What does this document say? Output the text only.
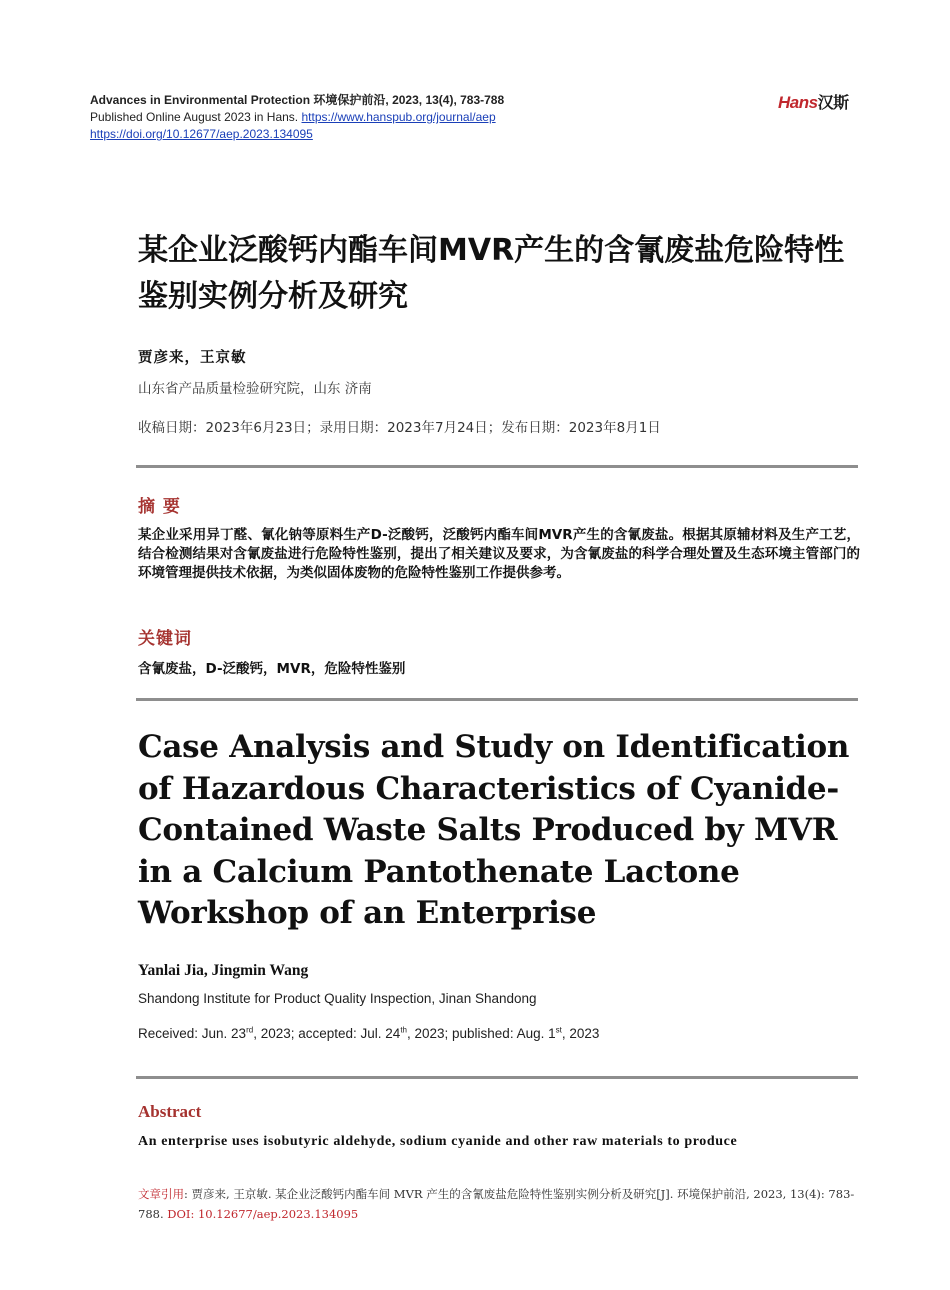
Advances in Environmental Protection 环境保护前沿, 2023, 13(4), 783-788
Published Online August 2023 in Hans. https://www.hanspub.org/journal/aep
https://doi.org/10.12677/aep.2023.134095
Hans汉斯
某企业泛酸钙内酯车间MVR产生的含氰废盐危险特性鉴别实例分析及研究
贾彦来，王京敏
山东省产品质量检验研究院，山东 济南
收稿日期：2023年6月23日；录用日期：2023年7月24日；发布日期：2023年8月1日
摘 要
某企业采用异丁醛、氰化钠等原料生产D-泛酸钙，泛酸钙内酯车间MVR产生的含氰废盐。根据其原辅材料及生产工艺，结合检测结果对含氰废盐进行危险特性鉴别，提出了相关建议及要求，为含氰废盐的科学合理处置及生态环境主管部门的环境管理提供技术依据，为类似固体废物的危险特性鉴别工作提供参考。
关键词
含氰废盐，D-泛酸钙，MVR，危险特性鉴别
Case Analysis and Study on Identification of Hazardous Characteristics of Cyanide-Contained Waste Salts Produced by MVR in a Calcium Pantothenate Lactone Workshop of an Enterprise
Yanlai Jia, Jingmin Wang
Shandong Institute for Product Quality Inspection, Jinan Shandong
Received: Jun. 23rd, 2023; accepted: Jul. 24th, 2023; published: Aug. 1st, 2023
Abstract
An enterprise uses isobutyric aldehyde, sodium cyanide and other raw materials to produce
文章引用: 贾彦来, 王京敏. 某企业泛酸钙内酯车间 MVR 产生的含氰废盐危险特性鉴别实例分析及研究[J]. 环境保护前沿, 2023, 13(4): 783-788. DOI: 10.12677/aep.2023.134095
